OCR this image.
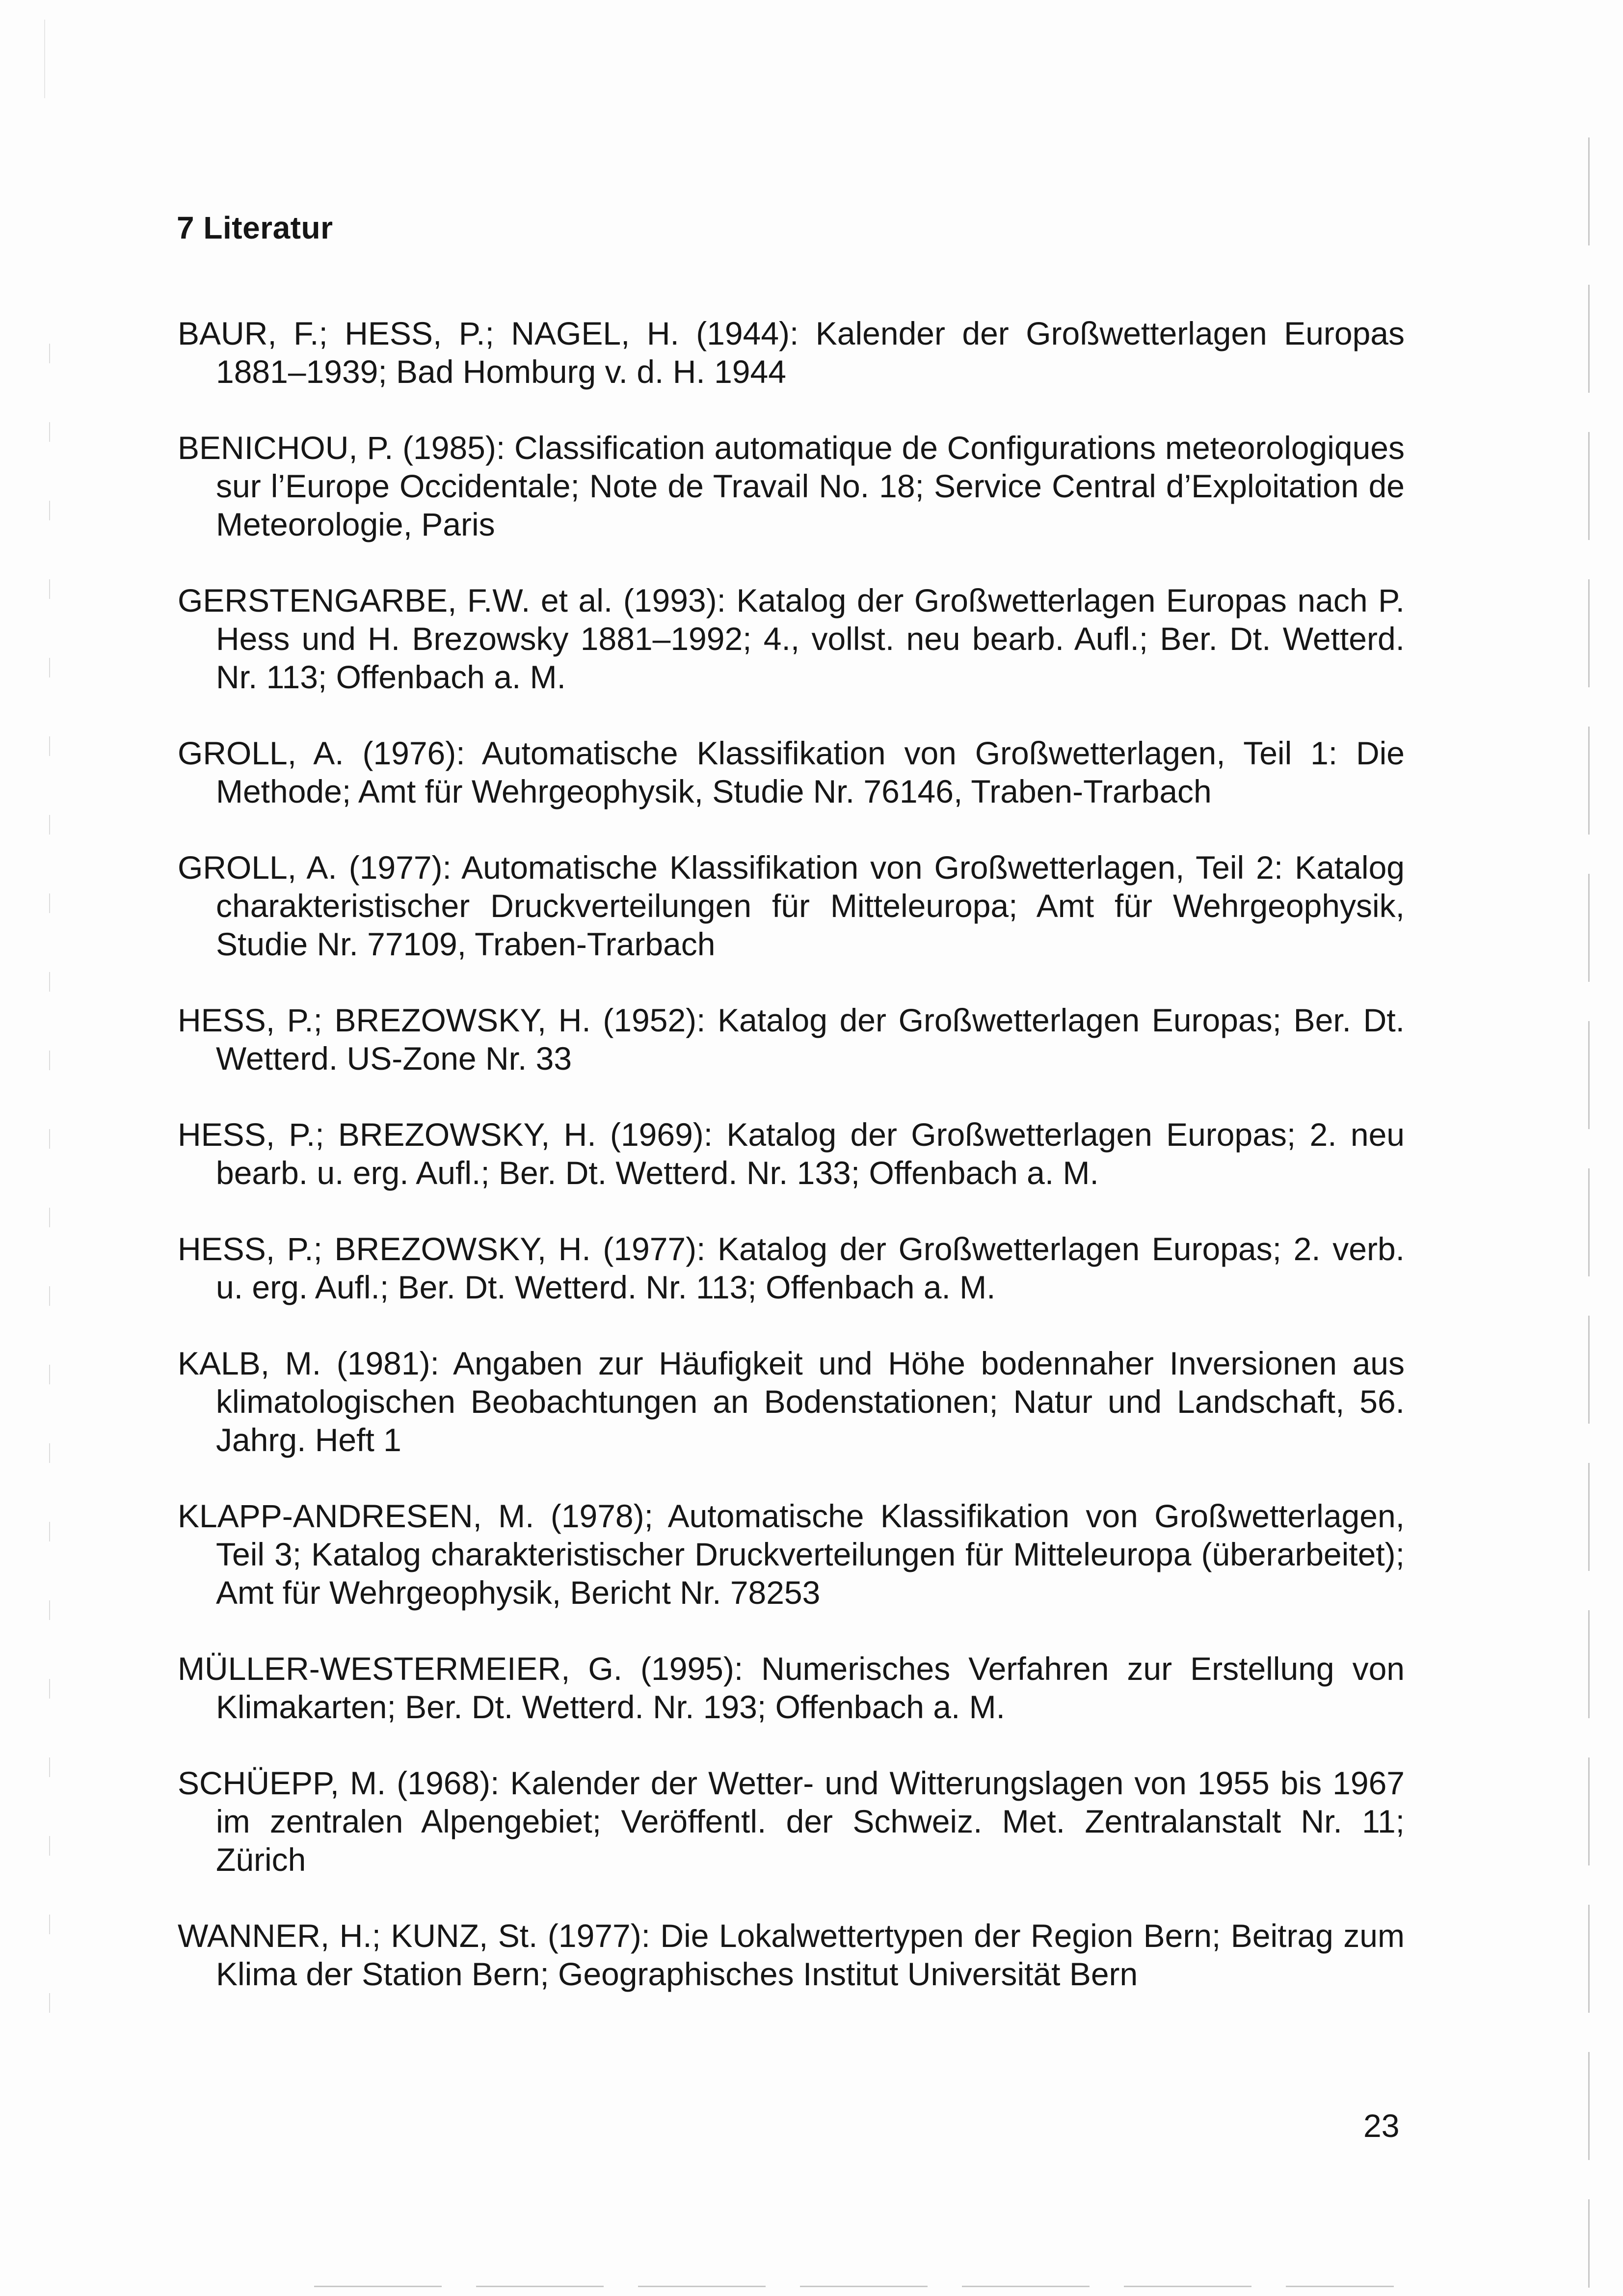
7 Literatur
BAUR, F.; HESS, P.; NAGEL, H. (1944): Kalender der Großwetterlagen Europas 1881–1939; Bad Homburg v. d. H. 1944
BENICHOU, P. (1985): Classification automatique de Configurations meteorologiques sur l’Europe Occidentale; Note de Travail No. 18; Service Central d’Exploitation de Meteorologie, Paris
GERSTENGARBE, F.W. et al. (1993): Katalog der Großwetterlagen Europas nach P. Hess und H. Brezowsky 1881–1992; 4., vollst. neu bearb. Aufl.; Ber. Dt. Wetterd. Nr. 113; Offenbach a. M.
GROLL, A. (1976): Automatische Klassifikation von Großwetterlagen, Teil 1: Die Methode; Amt für Wehrgeophysik, Studie Nr. 76146, Traben-Trarbach
GROLL, A. (1977): Automatische Klassifikation von Großwetterlagen, Teil 2: Katalog charakteristischer Druckverteilungen für Mitteleuropa; Amt für Wehrgeophysik, Studie Nr. 77109, Traben-Trarbach
HESS, P.; BREZOWSKY, H. (1952): Katalog der Großwetterlagen Europas; Ber. Dt. Wetterd. US-Zone Nr. 33
HESS, P.; BREZOWSKY, H. (1969): Katalog der Großwetterlagen Europas; 2. neu bearb. u. erg. Aufl.; Ber. Dt. Wetterd. Nr. 133; Offenbach a. M.
HESS, P.; BREZOWSKY, H. (1977): Katalog der Großwetterlagen Europas; 2. verb. u. erg. Aufl.; Ber. Dt. Wetterd. Nr. 113; Offenbach a. M.
KALB, M. (1981): Angaben zur Häufigkeit und Höhe bodennaher Inversionen aus klimatologischen Beobachtungen an Bodenstationen; Natur und Landschaft, 56. Jahrg. Heft 1
KLAPP-ANDRESEN, M. (1978); Automatische Klassifikation von Großwetterlagen, Teil 3; Katalog charakteristischer Druckverteilungen für Mitteleuropa (überarbeitet); Amt für Wehrgeophysik, Bericht Nr. 78253
MÜLLER-WESTERMEIER, G. (1995): Numerisches Verfahren zur Erstellung von Klimakarten; Ber. Dt. Wetterd. Nr. 193; Offenbach a. M.
SCHÜEPP, M. (1968): Kalender der Wetter- und Witterungslagen von 1955 bis 1967 im zentralen Alpengebiet; Veröffentl. der Schweiz. Met. Zentralanstalt Nr. 11; Zürich
WANNER, H.; KUNZ, St. (1977): Die Lokalwettertypen der Region Bern; Beitrag zum Klima der Station Bern; Geographisches Institut Universität Bern
23
